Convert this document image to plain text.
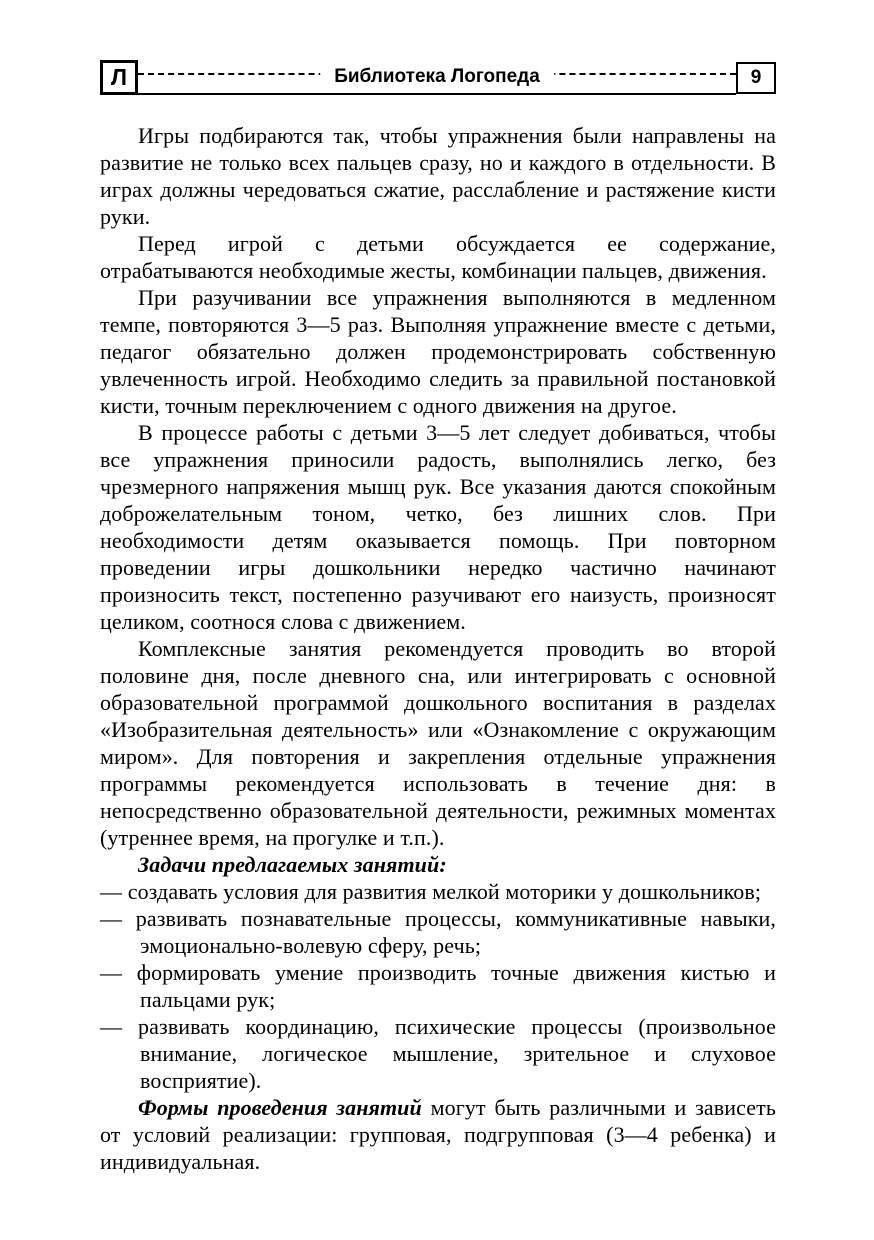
Л	Библиотека Логопеда	9

Игры подбираются так, чтобы упражнения были направлены на развитие не только всех пальцев сразу, но и каждого в отдельности. В играх должны чередоваться сжатие, расслабление и растяжение кисти руки.

Перед игрой с детьми обсуждается ее содержание, отрабатываются необходимые жесты, комбинации пальцев, движения.

При разучивании все упражнения выполняются в медленном темпе, повторяются 3—5 раз. Выполняя упражнение вместе с детьми, педагог обязательно должен продемонстрировать собственную увлеченность игрой. Необходимо следить за правильной постановкой кисти, точным переключением с одного движения на другое.

В процессе работы с детьми 3—5 лет следует добиваться, чтобы все упражнения приносили радость, выполнялись легко, без чрезмерного напряжения мышц рук. Все указания даются спокойным доброжелательным тоном, четко, без лишних слов. При необходимости детям оказывается помощь. При повторном проведении игры дошкольники нередко частично начинают произносить текст, постепенно разучивают его наизусть, произносят целиком, соотнося слова с движением.

Комплексные занятия рекомендуется проводить во второй половине дня, после дневного сна, или интегрировать с основной образовательной программой дошкольного воспитания в разделах «Изобразительная деятельность» или «Ознакомление с окружающим миром». Для повторения и закрепления отдельные упражнения программы рекомендуется использовать в течение дня: в непосредственно образовательной деятельности, режимных моментах (утреннее время, на прогулке и т.п.).

Задачи предлагаемых занятий:

— создавать условия для развития мелкой моторики у дошкольников;
— развивать познавательные процессы, коммуникативные навыки, эмоционально-волевую сферу, речь;
— формировать умение производить точные движения кистью и пальцами рук;
— развивать координацию, психические процессы (произвольное внимание, логическое мышление, зрительное и слуховое восприятие).

Формы проведения занятий могут быть различными и зависеть от условий реализации: групповая, подгрупповая (3—4 ребенка) и индивидуальная.
